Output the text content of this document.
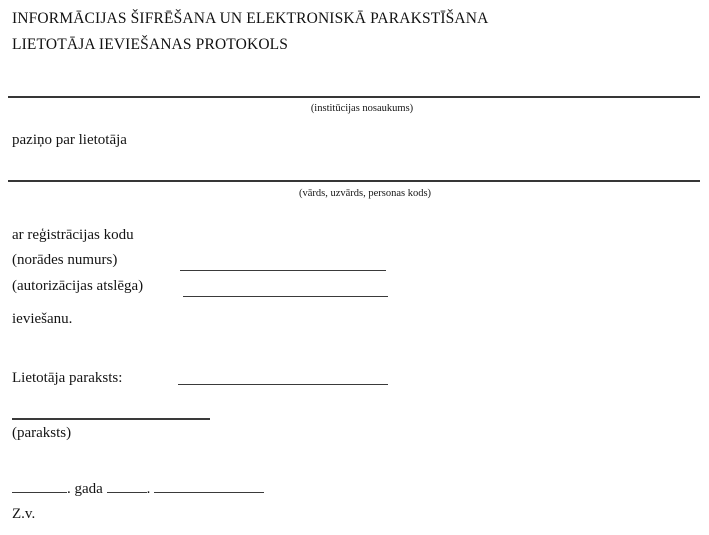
INFORMĀCIJAS ŠIFRĒŠANA UN ELEKTRONISKĀ PARAKSTĪŠANA
LIETOTĀJA IEVIEŠANAS PROTOKOLS
(institūcijas nosaukums)
paziņo par lietotāja
(vārds, uzvārds, personas kods)
ar reģistrācijas kodu
(norādes numurs)
(autorizācijas atslēga)
ieviešanu.
Lietotāja paraksts:
(paraksts)
. gada	.
Z.v.
